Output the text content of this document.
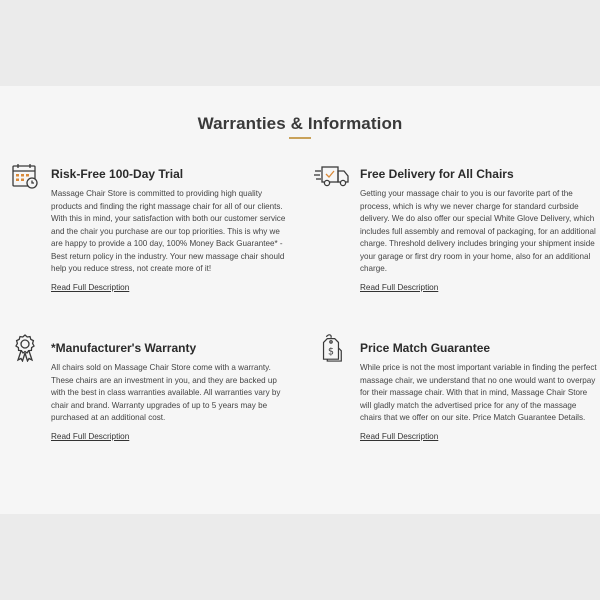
Warranties & Information
Risk-Free 100-Day Trial

Massage Chair Store is committed to providing high quality products and finding the right massage chair for all of our clients. With this in mind, your satisfaction with both our customer service and the chair you purchase are our top priorities. This is why we are happy to provide a 100 day, 100% Money Back Guarantee* - Best return policy in the industry. Your new massage chair should help you reduce stress, not create more of it!

Read Full Description
Free Delivery for All Chairs

Getting your massage chair to you is our favorite part of the process, which is why we never charge for standard curbside delivery. We do also offer our special White Glove Delivery, which includes full assembly and removal of packaging, for an additional charge. Threshold delivery includes bringing your shipment inside your garage or first dry room in your home, also for an additional charge.

Read Full Description
*Manufacturer's Warranty

All chairs sold on Massage Chair Store come with a warranty. These chairs are an investment in you, and they are backed up with the best in class warranties available. All warranties vary by chair and brand. Warranty upgrades of up to 5 years may be purchased at an additional cost.

Read Full Description
$ Price Match Guarantee

While price is not the most important variable in finding the perfect massage chair, we understand that no one would want to overpay for their massage chair. With that in mind, Massage Chair Store will gladly match the advertised price for any of the massage chairs that we offer on our site. Price Match Guarantee Details.

Read Full Description
